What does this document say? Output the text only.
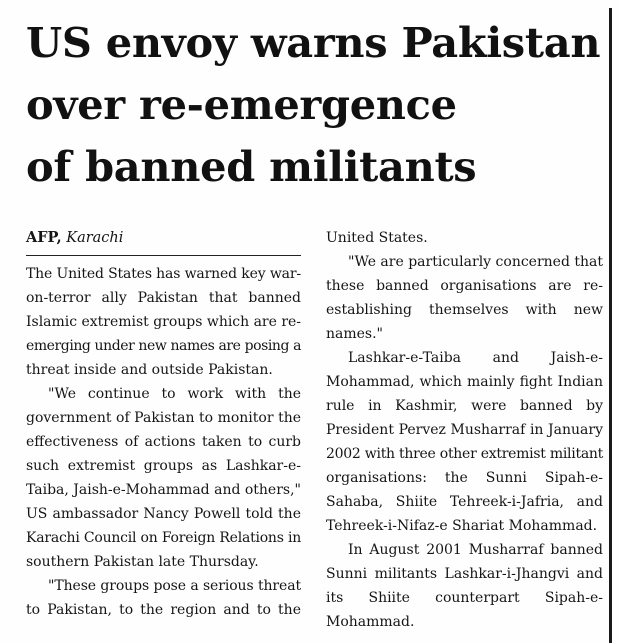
US envoy warns Pakistan
over re-emergence
of banned militants
AFP, Karachi
The United States has warned key war-
on-terror ally Pakistan that banned
Islamic extremist groups which are re-
emerging under new names are posing a
threat inside and outside Pakistan.
"We continue to work with the
government of Pakistan to monitor the
effectiveness of actions taken to curb
such extremist groups as Lashkar-e-
Taiba, Jaish-e-Mohammad and others,"
US ambassador Nancy Powell told the
Karachi Council on Foreign Relations in
southern Pakistan late Thursday.
"These groups pose a serious threat
to Pakistan, to the region and to the
United States.
"We are particularly concerned that
these banned organisations are re-
establishing themselves with new
names."
Lashkar-e-Taiba and Jaish-e-
Mohammad, which mainly fight Indian
rule in Kashmir, were banned by
President Pervez Musharraf in January
2002 with three other extremist militant
organisations: the Sunni Sipah-e-
Sahaba, Shiite Tehreek-i-Jafria, and
Tehreek-i-Nifaz-e Shariat Mohammad.
In August 2001 Musharraf banned
Sunni militants Lashkar-i-Jhangvi and
its Shiite counterpart Sipah-e-
Mohammad.
